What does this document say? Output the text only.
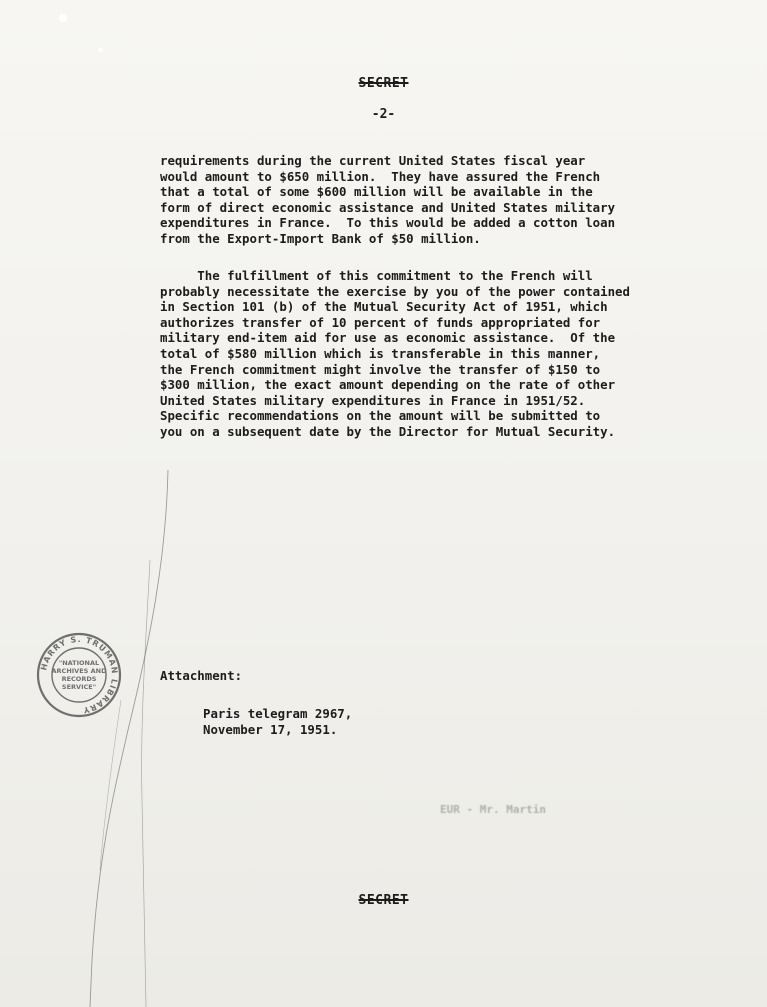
SECRET
-2-
requirements during the current United States fiscal year
would amount to $650 million.  They have assured the French
that a total of some $600 million will be available in the
form of direct economic assistance and United States military
expenditures in France.  To this would be added a cotton loan
from the Export-Import Bank of $50 million.
The fulfillment of this commitment to the French will
probably necessitate the exercise by you of the power contained
in Section 101 (b) of the Mutual Security Act of 1951, which
authorizes transfer of 10 percent of funds appropriated for
military end-item aid for use as economic assistance.  Of the
total of $580 million which is transferable in this manner,
the French commitment might involve the transfer of $150 to
$300 million, the exact amount depending on the rate of other
United States military expenditures in France in 1951/52.
Specific recommendations on the amount will be submitted to
you on a subsequent date by the Director for Mutual Security.
HARRY S. TRUMAN LIBRARY
"NATIONAL
ARCHIVES AND
RECORDS
SERVICE"
Attachment:
Paris telegram 2967,
November 17, 1951.
EUR - Mr. Martin
SECRET
